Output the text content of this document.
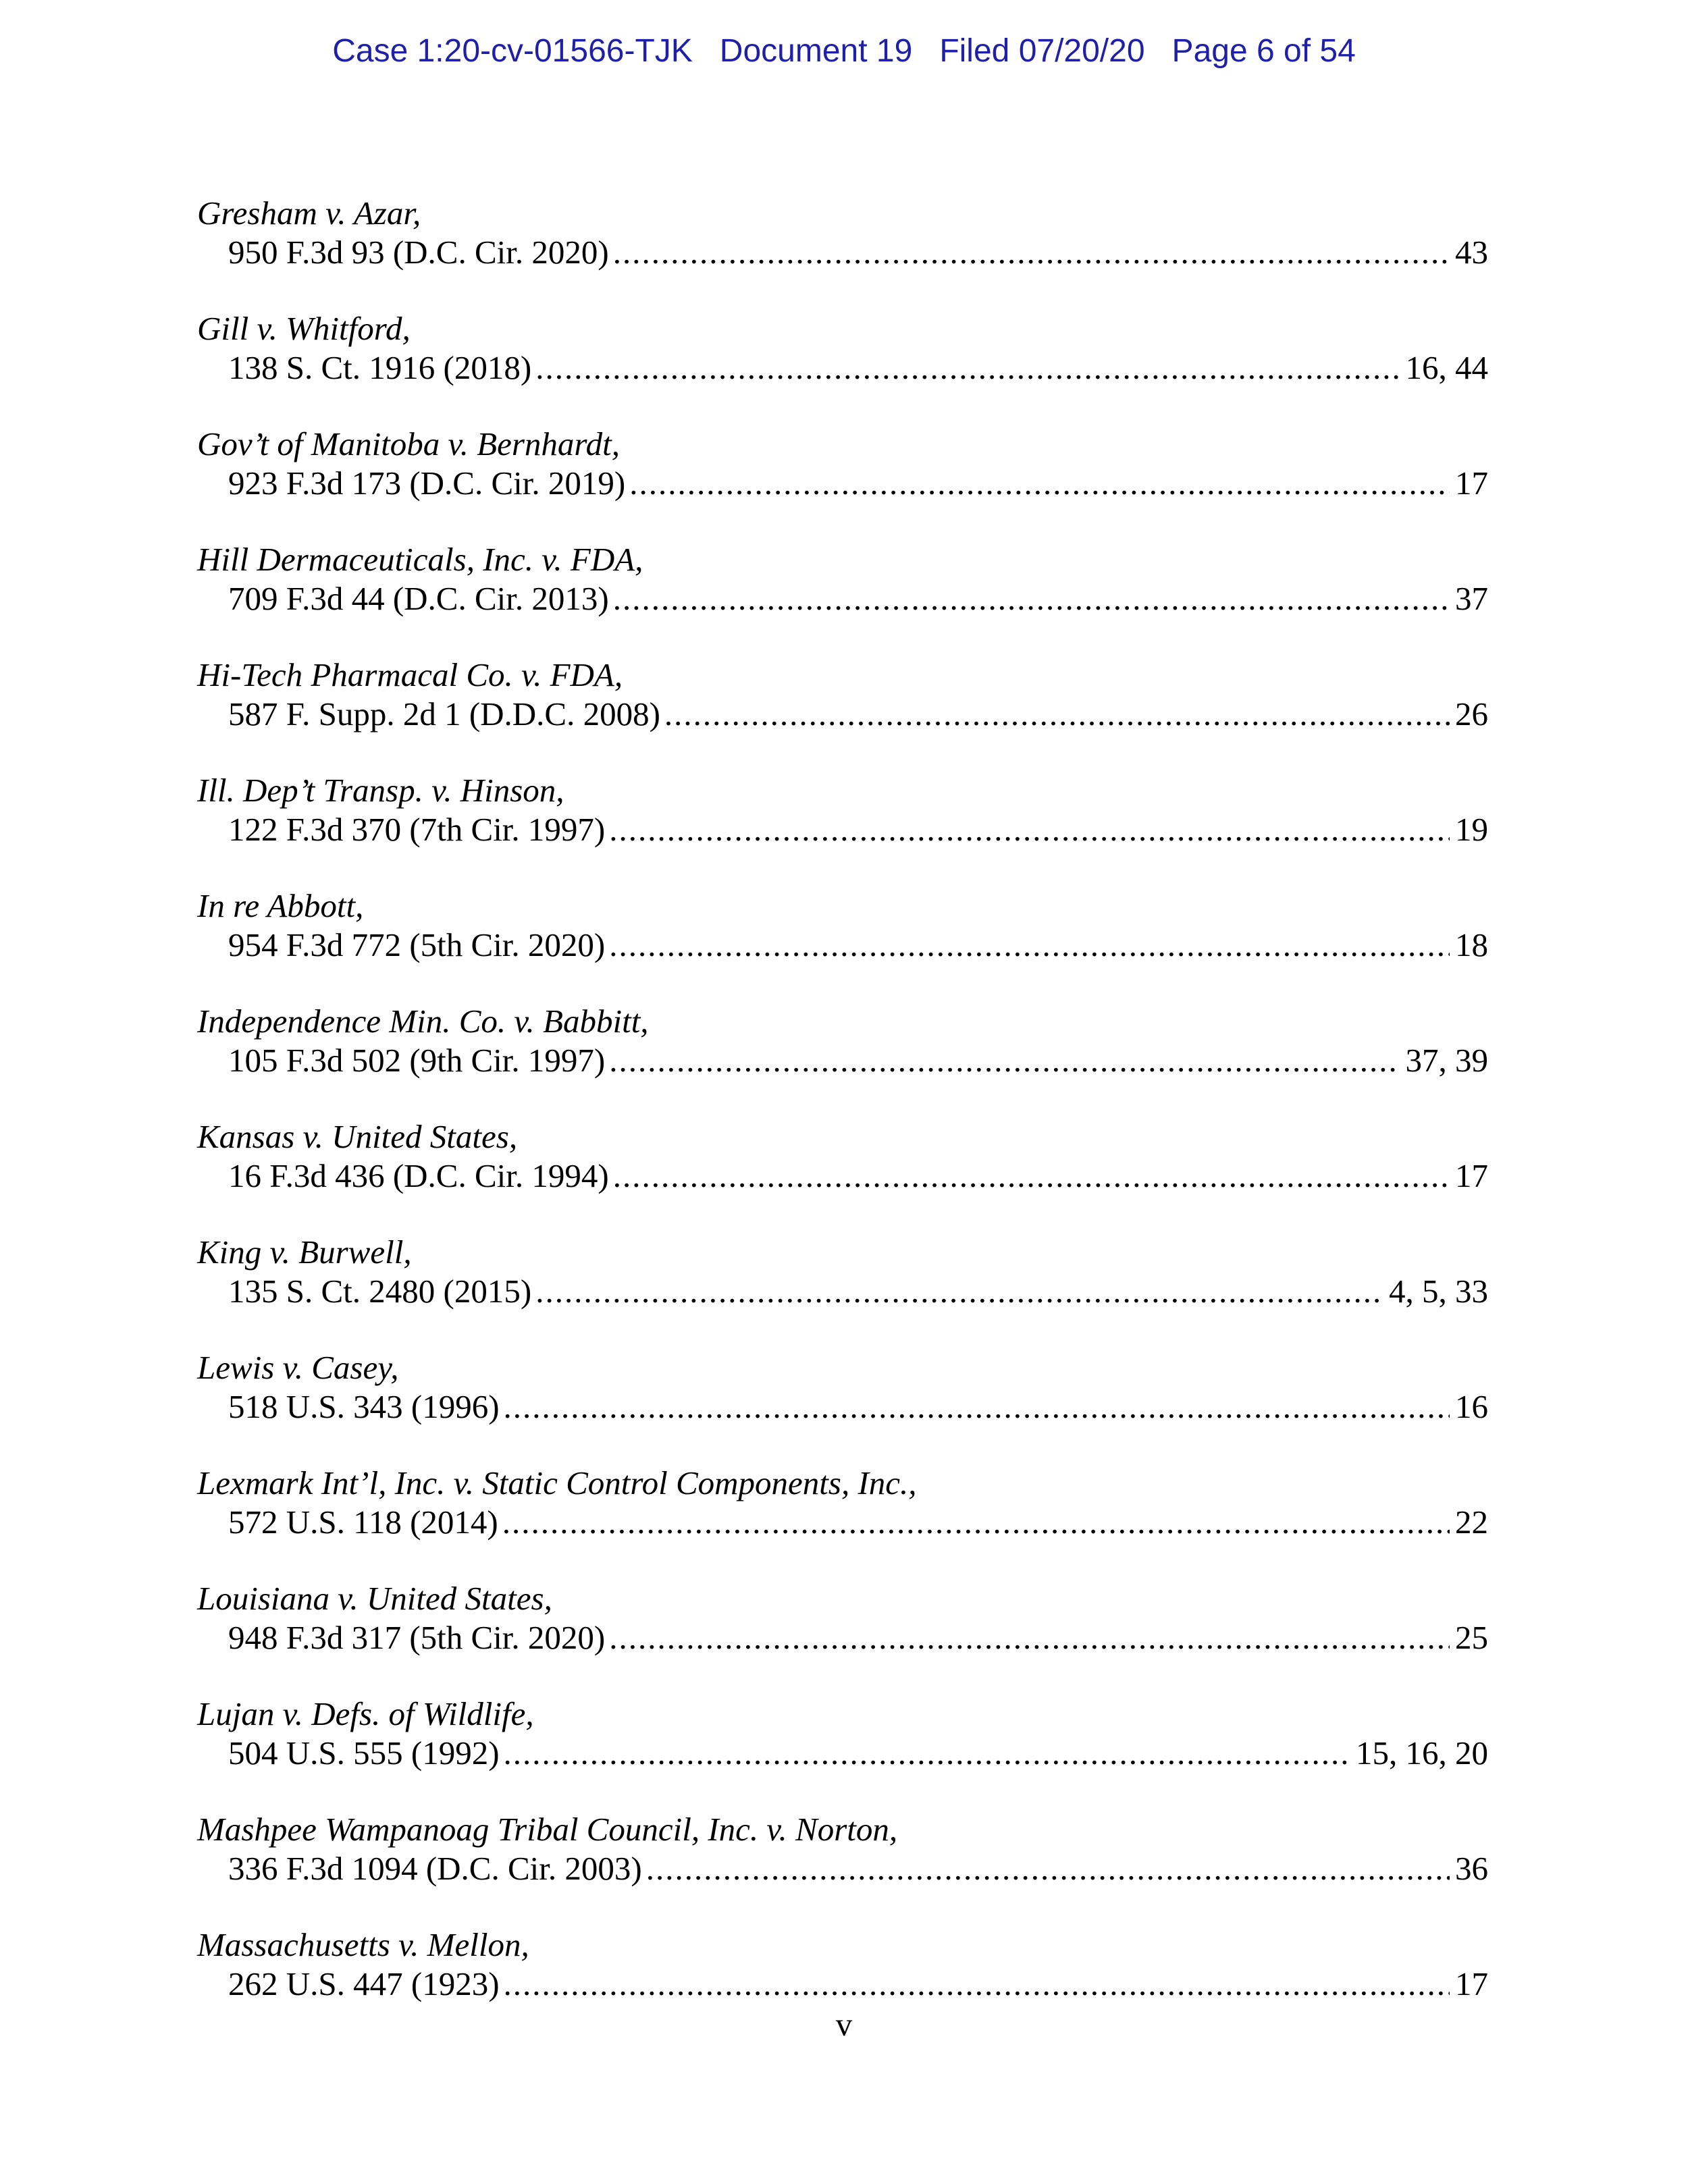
Case 1:20-cv-01566-TJK Document 19 Filed 07/20/20 Page 6 of 54
Gresham v. Azar,
950 F.3d 93 (D.C. Cir. 2020) .....	43
Gill v. Whitford,
138 S. Ct. 1916 (2018) .....	16, 44
Gov’t of Manitoba v. Bernhardt,
923 F.3d 173 (D.C. Cir. 2019) .....	17
Hill Dermaceuticals, Inc. v. FDA,
709 F.3d 44 (D.C. Cir. 2013) .....	37
Hi-Tech Pharmacal Co. v. FDA,
587 F. Supp. 2d 1 (D.D.C. 2008) .....	26
Ill. Dep’t Transp. v. Hinson,
122 F.3d 370 (7th Cir. 1997) .....	19
In re Abbott,
954 F.3d 772 (5th Cir. 2020) .....	18
Independence Min. Co. v. Babbitt,
105 F.3d 502 (9th Cir. 1997) .....	37, 39
Kansas v. United States,
16 F.3d 436 (D.C. Cir. 1994) .....	17
King v. Burwell,
135 S. Ct. 2480 (2015) .....	4, 5, 33
Lewis v. Casey,
518 U.S. 343 (1996) .....	16
Lexmark Int’l, Inc. v. Static Control Components, Inc.,
572 U.S. 118 (2014) .....	22
Louisiana v. United States,
948 F.3d 317 (5th Cir. 2020) .....	25
Lujan v. Defs. of Wildlife,
504 U.S. 555 (1992) .....	15, 16, 20
Mashpee Wampanoag Tribal Council, Inc. v. Norton,
336 F.3d 1094 (D.C. Cir. 2003) .....	36
Massachusetts v. Mellon,
262 U.S. 447 (1923) .....	17
v
